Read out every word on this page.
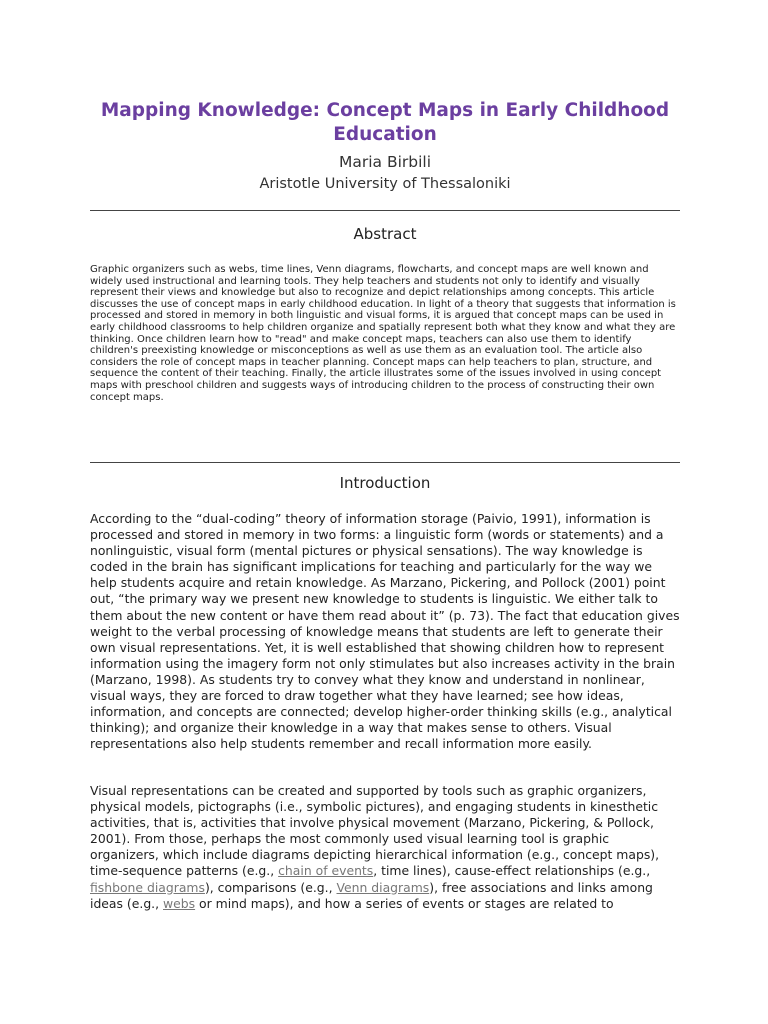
Mapping Knowledge: Concept Maps in Early Childhood Education

Maria Birbili

Aristotle University of Thessaloniki

Abstract

Graphic organizers such as webs, time lines, Venn diagrams, flowcharts, and concept maps are well known and widely used instructional and learning tools. They help teachers and students not only to identify and visually represent their views and knowledge but also to recognize and depict relationships among concepts. This article discusses the use of concept maps in early childhood education. In light of a theory that suggests that information is processed and stored in memory in both linguistic and visual forms, it is argued that concept maps can be used in early childhood classrooms to help children organize and spatially represent both what they know and what they are thinking. Once children learn how to "read" and make concept maps, teachers can also use them to identify children's preexisting knowledge or misconceptions as well as use them as an evaluation tool. The article also considers the role of concept maps in teacher planning. Concept maps can help teachers to plan, structure, and sequence the content of their teaching. Finally, the article illustrates some of the issues involved in using concept maps with preschool children and suggests ways of introducing children to the process of constructing their own concept maps.

Introduction

According to the “dual-coding” theory of information storage (Paivio, 1991), information is processed and stored in memory in two forms: a linguistic form (words or statements) and a nonlinguistic, visual form (mental pictures or physical sensations). The way knowledge is coded in the brain has significant implications for teaching and particularly for the way we help students acquire and retain knowledge. As Marzano, Pickering, and Pollock (2001) point out, “the primary way we present new knowledge to students is linguistic. We either talk to them about the new content or have them read about it” (p. 73). The fact that education gives weight to the verbal processing of knowledge means that students are left to generate their own visual representations. Yet, it is well established that showing children how to represent information using the imagery form not only stimulates but also increases activity in the brain (Marzano, 1998). As students try to convey what they know and understand in nonlinear, visual ways, they are forced to draw together what they have learned; see how ideas, information, and concepts are connected; develop higher-order thinking skills (e.g., analytical thinking); and organize their knowledge in a way that makes sense to others. Visual representations also help students remember and recall information more easily.

Visual representations can be created and supported by tools such as graphic organizers, physical models, pictographs (i.e., symbolic pictures), and engaging students in kinesthetic activities, that is, activities that involve physical movement (Marzano, Pickering, & Pollock, 2001). From those, perhaps the most commonly used visual learning tool is graphic organizers, which include diagrams depicting hierarchical information (e.g., concept maps), time-sequence patterns (e.g., chain of events, time lines), cause-effect relationships (e.g., fishbone diagrams), comparisons (e.g., Venn diagrams), free associations and links among ideas (e.g., webs or mind maps), and how a series of events or stages are related to
